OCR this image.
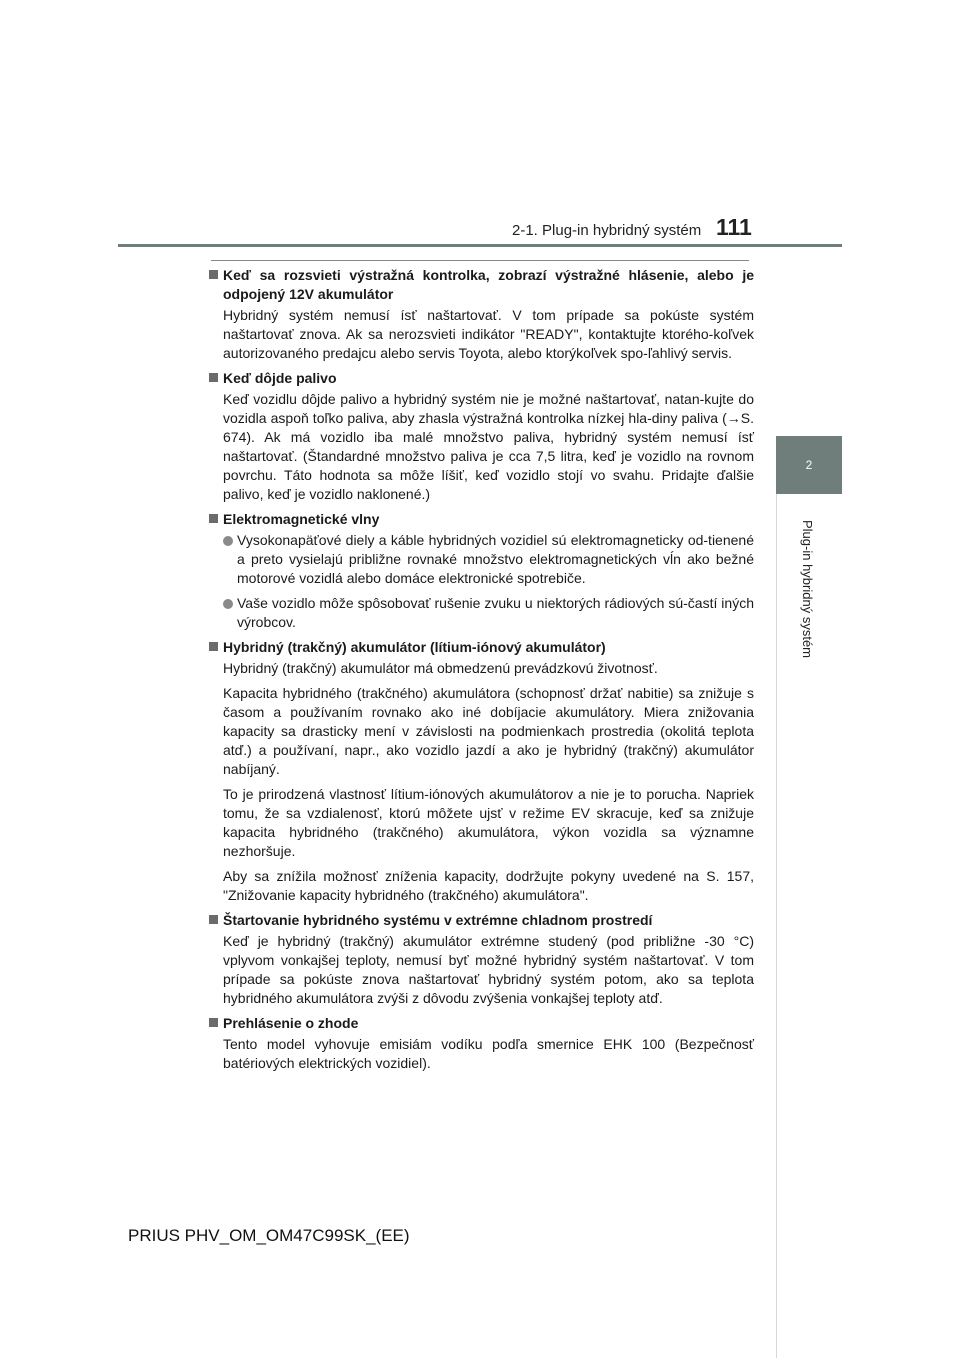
2-1. Plug-in hybridný systém 111
2
Plug-in hybridný systém

Keď sa rozsvieti výstražná kontrolka, zobrazí výstražné hlásenie, alebo je odpojený 12V akumulátor

Hybridný systém nemusí ísť naštartovať. V tom prípade sa pokúste systém naštartovať znova. Ak sa nerozsvieti indikátor "READY", kontaktujte ktorého-koľvek autorizovaného predajcu alebo servis Toyota, alebo ktorýkoľvek spo-ľahlivý servis.

Keď dôjde palivo

Keď vozidlu dôjde palivo a hybridný systém nie je možné naštartovať, natan-kujte do vozidla aspoň toľko paliva, aby zhasla výstražná kontrolka nízkej hla-diny paliva (→S. 674). Ak má vozidlo iba malé množstvo paliva, hybridný systém nemusí ísť naštartovať. (Štandardné množstvo paliva je cca 7,5 litra, keď je vozidlo na rovnom povrchu. Táto hodnota sa môže líšiť, keď vozidlo stojí vo svahu. Pridajte ďalšie palivo, keď je vozidlo naklonené.)

Elektromagnetické vlny

Vysokonapäťové diely a káble hybridných vozidiel sú elektromagneticky od-tienené a preto vysielajú približne rovnaké množstvo elektromagnetických vĺn ako bežné motorové vozidlá alebo domáce elektronické spotrebiče.

Vaše vozidlo môže spôsobovať rušenie zvuku u niektorých rádiových sú-častí iných výrobcov.

Hybridný (trakčný) akumulátor (lítium-iónový akumulátor)

Hybridný (trakčný) akumulátor má obmedzenú prevádzkovú životnosť.

Kapacita hybridného (trakčného) akumulátora (schopnosť držať nabitie) sa znižuje s časom a používaním rovnako ako iné dobíjacie akumulátory. Miera znižovania kapacity sa drasticky mení v závislosti na podmienkach prostredia (okolitá teplota atď.) a používaní, napr., ako vozidlo jazdí a ako je hybridný (trakčný) akumulátor nabíjaný.

To je prirodzená vlastnosť lítium-iónových akumulátorov a nie je to porucha. Napriek tomu, že sa vzdialenosť, ktorú môžete ujsť v režime EV skracuje, keď sa znižuje kapacita hybridného (trakčného) akumulátora, výkon vozidla sa významne nezhoršuje.

Aby sa znížila možnosť zníženia kapacity, dodržujte pokyny uvedené na S. 157, "Znižovanie kapacity hybridného (trakčného) akumulátora".

Štartovanie hybridného systému v extrémne chladnom prostredí

Keď je hybridný (trakčný) akumulátor extrémne studený (pod približne -30 °C) vplyvom vonkajšej teploty, nemusí byť možné hybridný systém naštartovať. V tom prípade sa pokúste znova naštartovať hybridný systém potom, ako sa teplota hybridného akumulátora zvýši z dôvodu zvýšenia vonkajšej teploty atď.

Prehlásenie o zhode

Tento model vyhovuje emisiám vodíku podľa smernice EHK 100 (Bezpečnosť batériových elektrických vozidiel).

PRIUS PHV_OM_OM47C99SK_(EE)
